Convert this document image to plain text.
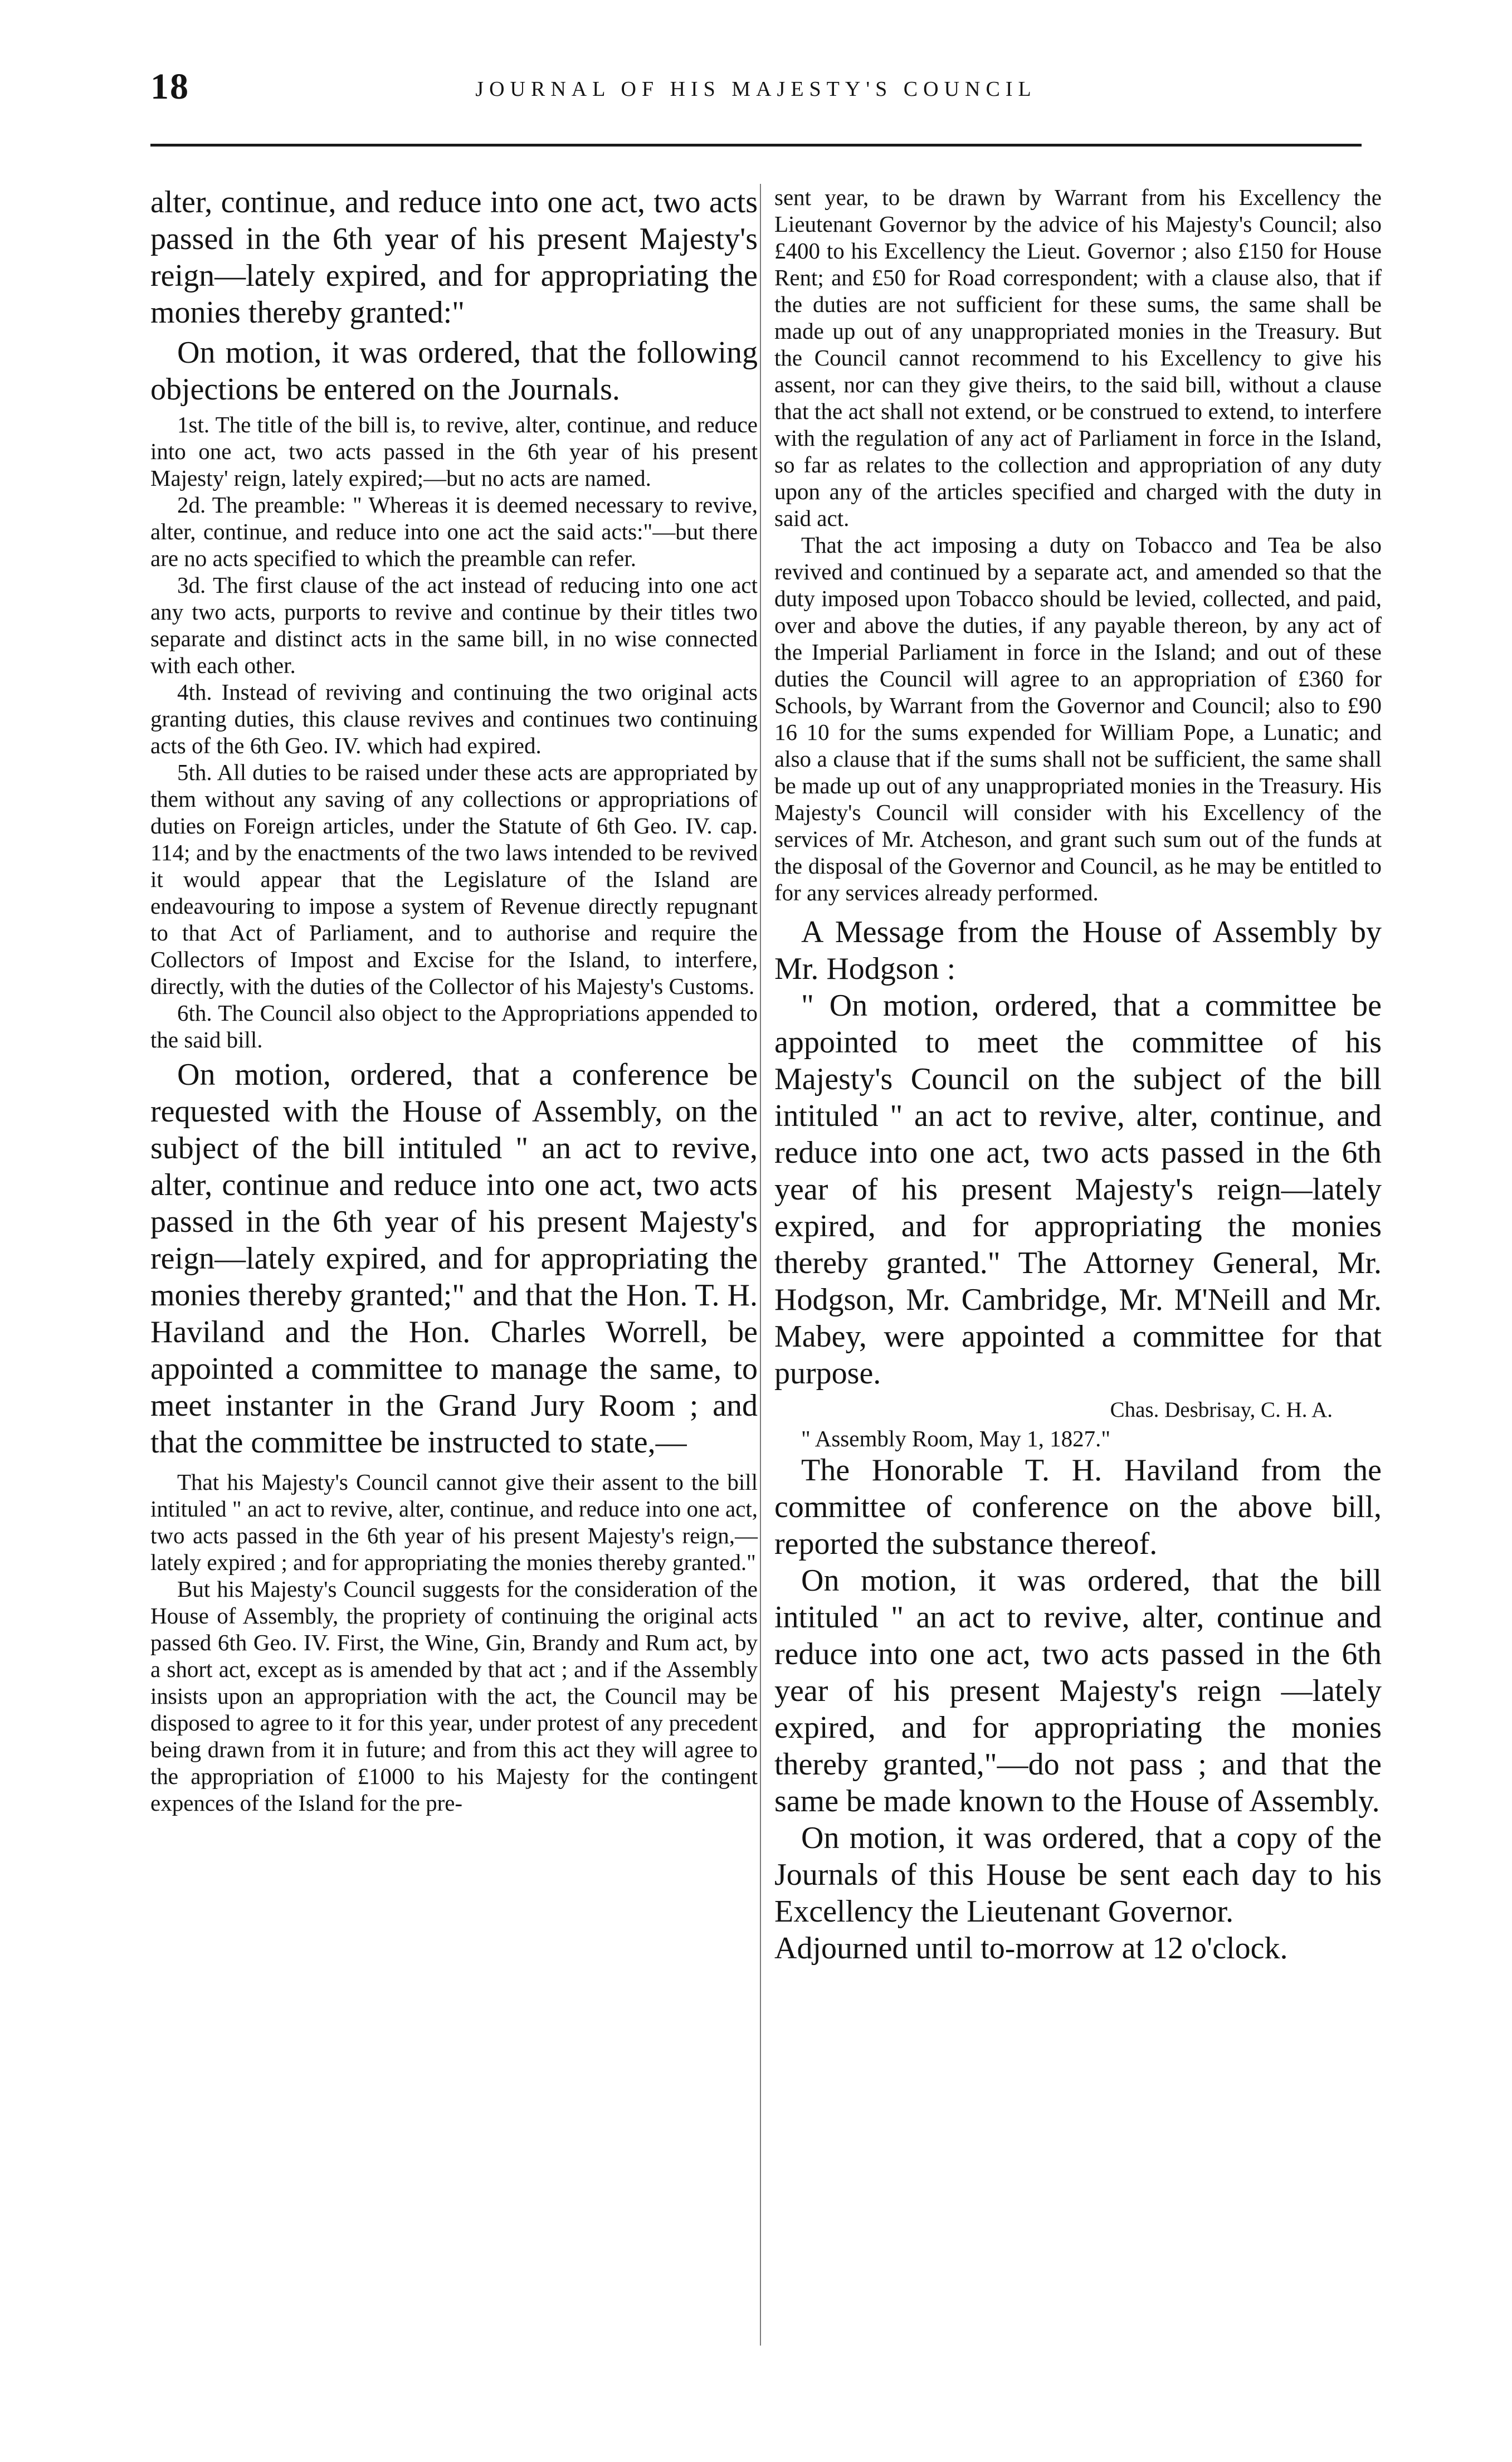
18	JOURNAL OF HIS MAJESTY'S COUNCIL

alter, continue, and reduce into one act, two acts passed in the 6th year of his present Majesty's reign—lately expired, and for appropriating the monies thereby granted:"

On motion, it was ordered, that the following objections be entered on the Journals.

1st. The title of the bill is, to revive, alter, continue, and reduce into one act, two acts passed in the 6th year of his present Majesty' reign, lately expired;—but no acts are named.

2d. The preamble: " Whereas it is deemed necessary to revive, alter, continue, and reduce into one act the said acts:"—but there are no acts specified to which the preamble can refer.

3d. The first clause of the act instead of reducing into one act any two acts, purports to revive and continue by their titles two separate and distinct acts in the same bill, in no wise connected with each other.

4th. Instead of reviving and continuing the two original acts granting duties, this clause revives and continues two continuing acts of the 6th Geo. IV. which had expired.

5th. All duties to be raised under these acts are appropriated by them without any saving of any collections or appropriations of duties on Foreign articles, under the Statute of 6th Geo. IV. cap. 114; and by the enactments of the two laws intended to be revived it would appear that the Legislature of the Island are endeavouring to impose a system of Revenue directly repugnant to that Act of Parliament, and to authorise and require the Collectors of Impost and Excise for the Island, to interfere, directly, with the duties of the Collector of his Majesty's Customs.

6th. The Council also object to the Appropriations appended to the said bill.

On motion, ordered, that a conference be requested with the House of Assembly, on the subject of the bill intituled " an act to revive, alter, continue and reduce into one act, two acts passed in the 6th year of his present Majesty's reign—lately expired, and for appropriating the monies thereby granted;" and that the Hon. T. H. Haviland and the Hon. Charles Worrell, be appointed a committee to manage the same, to meet instanter in the Grand Jury Room ; and that the committee be instructed to state,—

That his Majesty's Council cannot give their assent to the bill intituled " an act to revive, alter, continue, and reduce into one act, two acts passed in the 6th year of his present Majesty's reign,—lately expired ; and for appropriating the monies thereby granted."

But his Majesty's Council suggests for the consideration of the House of Assembly, the propriety of continuing the original acts passed 6th Geo. IV. First, the Wine, Gin, Brandy and Rum act, by a short act, except as is amended by that act ; and if the Assembly insists upon an appropriation with the act, the Council may be disposed to agree to it for this year, under protest of any precedent being drawn from it in future; and from this act they will agree to the appropriation of £1000 to his Majesty for the contingent expences of the Island for the pre-

sent year, to be drawn by Warrant from his Excellency the Lieutenant Governor by the advice of his Majesty's Council; also £400 to his Excellency the Lieut. Governor ; also £150 for House Rent; and £50 for Road correspondent; with a clause also, that if the duties are not sufficient for these sums, the same shall be made up out of any unappropriated monies in the Treasury. But the Council cannot recommend to his Excellency to give his assent, nor can they give theirs, to the said bill, without a clause that the act shall not extend, or be construed to extend, to interfere with the regulation of any act of Parliament in force in the Island, so far as relates to the collection and appropriation of any duty upon any of the articles specified and charged with the duty in said act.

That the act imposing a duty on Tobacco and Tea be also revived and continued by a separate act, and amended so that the duty imposed upon Tobacco should be levied, collected, and paid, over and above the duties, if any payable thereon, by any act of the Imperial Parliament in force in the Island; and out of these duties the Council will agree to an appropriation of £360 for Schools, by Warrant from the Governor and Council; also to £90 16 10 for the sums expended for William Pope, a Lunatic; and also a clause that if the sums shall not be sufficient, the same shall be made up out of any unappropriated monies in the Treasury. His Majesty's Council will consider with his Excellency of the services of Mr. Atcheson, and grant such sum out of the funds at the disposal of the Governor and Council, as he may be entitled to for any services already performed.

A Message from the House of Assembly by Mr. Hodgson :

" On motion, ordered, that a committee be appointed to meet the committee of his Majesty's Council on the subject of the bill intituled " an act to revive, alter, continue, and reduce into one act, two acts passed in the 6th year of his present Majesty's reign—lately expired, and for appropriating the monies thereby granted." The Attorney General, Mr. Hodgson, Mr. Cambridge, Mr. M'Neill and Mr. Mabey, were appointed a committee for that purpose.

Chas. Desbrisay, C. H. A.

" Assembly Room, May 1, 1827."

The Honorable T. H. Haviland from the committee of conference on the above bill, reported the substance thereof.

On motion, it was ordered, that the bill intituled " an act to revive, alter, continue and reduce into one act, two acts passed in the 6th year of his present Majesty's reign —lately expired, and for appropriating the monies thereby granted,"—do not pass ; and that the same be made known to the House of Assembly.

On motion, it was ordered, that a copy of the Journals of this House be sent each day to his Excellency the Lieutenant Governor.

Adjourned until to-morrow at 12 o'clock.
